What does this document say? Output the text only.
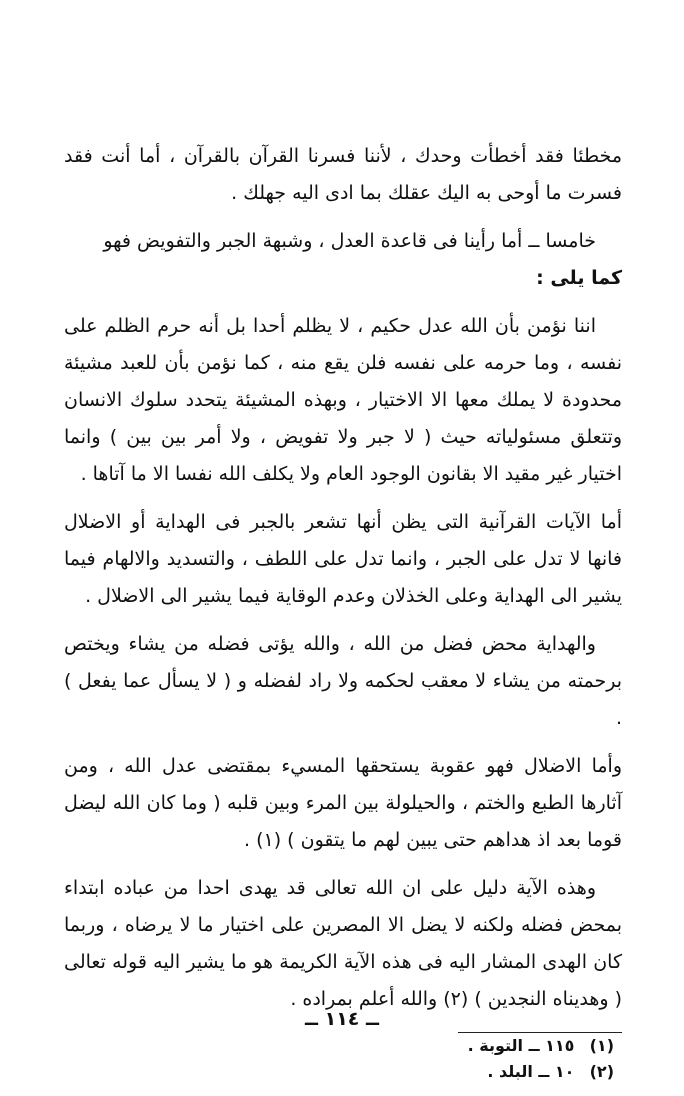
مخطئا فقد أخطأت وحدك ، لأننا فسرنا القرآن بالقرآن ، أما أنت فقد فسرت ما أوحى به اليك عقلك بما ادى اليه جهلك .

خامسا ــ أما رأينا فى قاعدة العدل ، وشبهة الجبر والتفويض فهو

كما يلى :

اننا نؤمن بأن الله عدل حكيم ، لا يظلم أحدا بل أنه حرم الظلم على نفسه ، وما حرمه على نفسه فلن يقع منه ، كما نؤمن بأن للعبد مشيئة محدودة لا يملك معها الا الاختيار ، وبهذه المشيئة يتحدد سلوك الانسان وتتعلق مسئولياته حيث ( لا جبر ولا تفويض ، ولا أمر بين بين ) وانما اختيار غير مقيد الا بقانون الوجود العام ولا يكلف الله نفسا الا ما آتاها .

أما الآيات القرآنية التى يظن أنها تشعر بالجبر فى الهداية أو الاضلال فانها لا تدل على الجبر ، وانما تدل على اللطف ، والتسديد والالهام فيما يشير الى الهداية وعلى الخذلان وعدم الوقاية فيما يشير الى الاضلال .

والهداية محض فضل من الله ، والله يؤتى فضله من يشاء ويختص برحمته من يشاء لا معقب لحكمه ولا راد لفضله و ( لا يسأل عما يفعل ) .

وأما الاضلال فهو عقوبة يستحقها المسيء بمقتضى عدل الله ، ومن آثارها الطبع والختم ، والحيلولة بين المرء وبين قلبه ( وما كان الله ليضل قوما بعد اذ هداهم حتى يبين لهم ما يتقون ) (١) .

وهذه الآية دليل على ان الله تعالى قد يهدى احدا من عباده ابتداء بمحض فضله ولكنه لا يضل الا المصرين على اختيار ما لا يرضاه ، وربما كان الهدى المشار اليه فى هذه الآية الكريمة هو ما يشير اليه قوله تعالى ( وهديناه النجدين ) (٢) والله أعلم بمراده .

(١) ١١٥ ــ التوبة .
(٢) ١٠ ــ البلد .
ــ ١١٤ ــ
